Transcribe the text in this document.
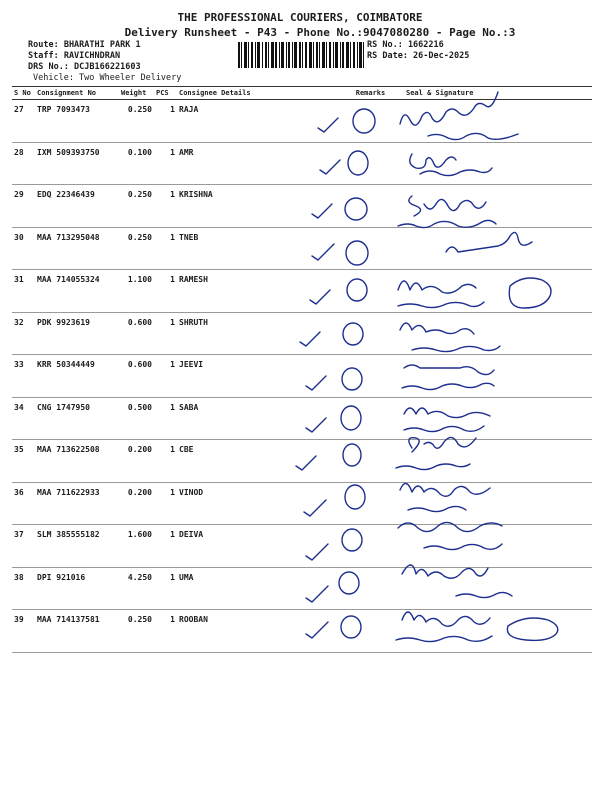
THE PROFESSIONAL COURIERS, COIMBATORE
Delivery Runsheet - P43 - Phone No.:9047080280 - Page No.:3
Route: BHARATHI PARK 1
Staff: RAVICHNDRAN
DRS No.: DCJB166221603
Vehicle: Two Wheeler Delivery
RS No.: 1662216
RS Date: 26-Dec-2025
S No	Consignment No	Weight	PCS	Consignee Details	Remarks	Seal & Signature
27	TRP 7093473	0.250	1	RAJA		
28	IXM 509393750	0.100	1	AMR		
29	EDQ 22346439	0.250	1	KRISHNA		
30	MAA 713295048	0.250	1	TNEB		
31	MAA 714055324	1.100	1	RAMESH		
32	PDK 9923619	0.600	1	SHRUTH		
33	KRR 50344449	0.600	1	JEEVI		
34	CNG 1747950	0.500	1	SABA		
35	MAA 713622508	0.200	1	CBE		
36	MAA 711622933	0.200	1	VINOD		
37	SLM 385555182	1.600	1	DEIVA		
38	DPI 921016	4.250	1	UMA		
39	MAA 714137581	0.250	1	ROOBAN		
